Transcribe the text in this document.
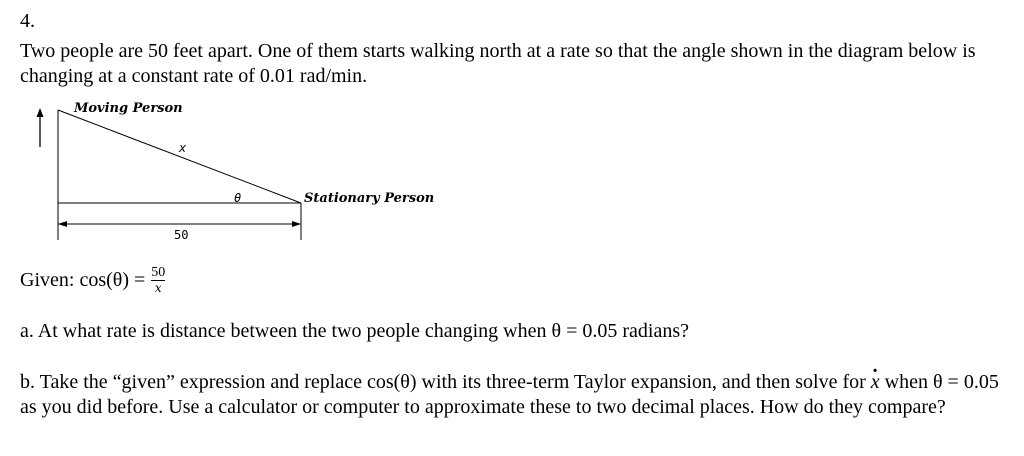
4.
Two people are 50 feet apart. One of them starts walking north at a rate so that the angle shown in the diagram below is changing at a constant rate of 0.01 rad/min.
Moving Person
x
θ	Stationary Person
50
Given:
cos(θ)
= $\frac{50}{x}$
a. At what rate is distance between the two people changing when θ = 0.05 radians?
b. Take the “given” expression and replace cos(θ) with its three-term Taylor expansion, and then solve for x · when θ = 0.05 as you did before. Use a calculator or computer to approximate these to two decimal places. How do they compare?
